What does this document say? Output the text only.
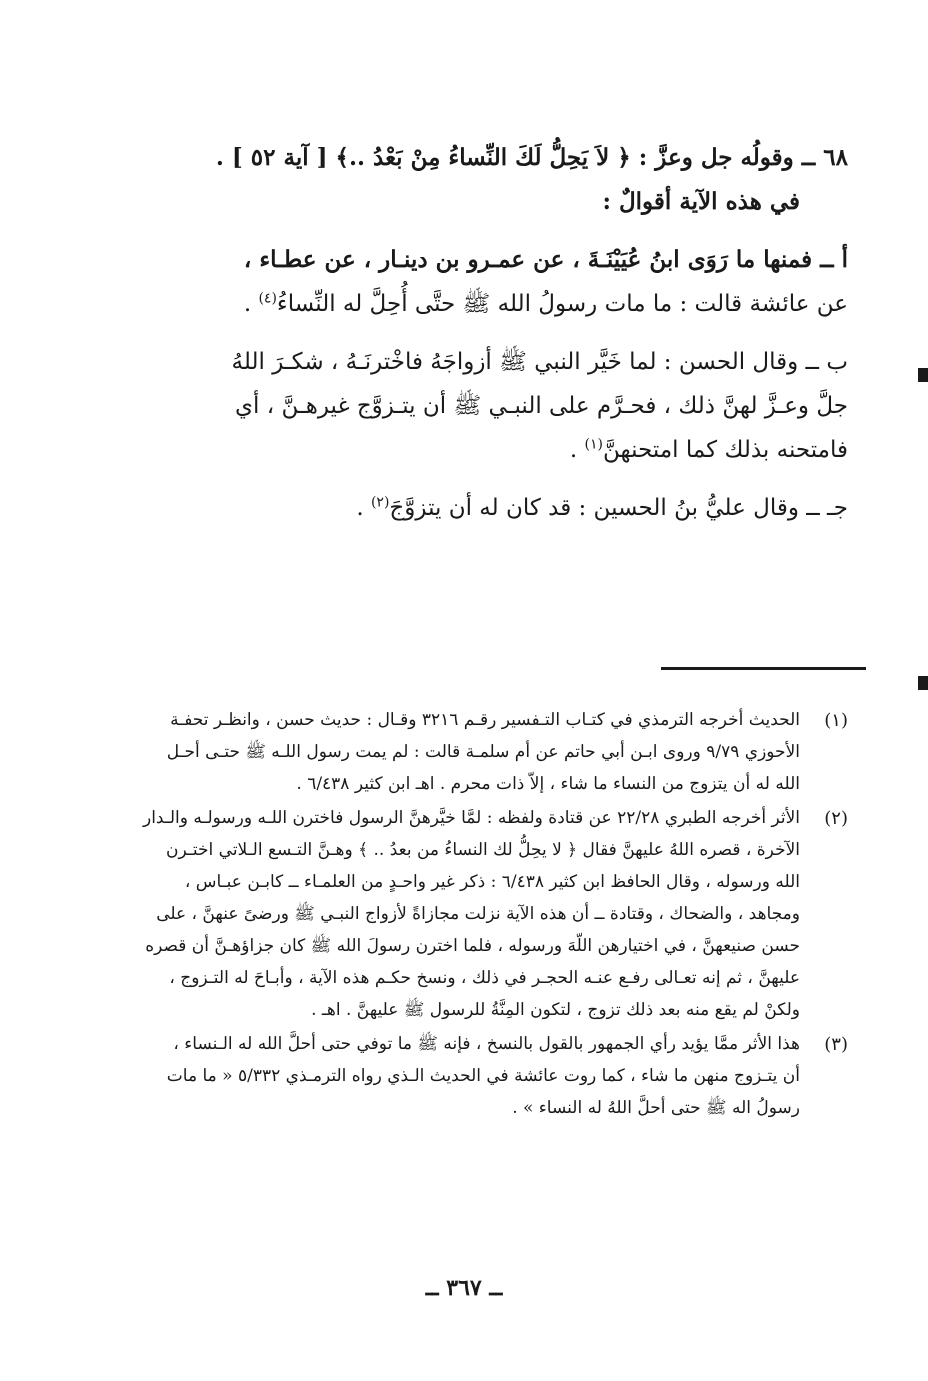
٦٨ ــ وقولُه جل وعزَّ : ﴿ لاَ يَحِلُّ لَكَ النِّساءُ مِنْ بَعْدُ ..﴾ [ آية ٥٢ ] .
في هذه الآية أقوالٌ :
أ ــ فمنها ما رَوَى ابنُ عُيَيْنَـةَ ، عن عمـرو بن دينـار ، عن عطـاء ،
عن عائشة قالت : ما مات رسولُ الله ﷺ حتَّى أُحِلَّ له النِّساءُ$^{(٤)}$ .
ب ــ وقال الحسن : لما خَيَّر النبي ﷺ أزواجَهُ فاخْترنَـهُ ، شكـرَ اللهُ
جلَّ وعـزَّ لهنَّ ذلك ، فحـرَّم على النبـي ﷺ أن يتـزوَّج غيرهـنَّ ، أي
فامتحنه بذلك كما امتحنهنَّ$^{(١)}$ .
جـ ــ وقال عليُّ بنُ الحسين : قد كان له أن يتزوَّجَ$^{(٢)}$ .
(١)
الحديث أخرجه الترمذي في كتـاب التـفسير رقـم ٣٢١٦ وقـال : حديث حسن ، وانظـر تحفـة
الأحوزي ٩/٧٩ وروى ابـن أبي حاتم عن أم سلمـة قالت : لم يمت رسول اللـه ﷺ حتـى أحـل
الله له أن يتزوج من النساء ما شاء ، إلاّ ذات محرم . اهـ ابن كثير ٦/٤٣٨ .
(٢)
الأثر أخرجه الطبري ٢٢/٢٨ عن قتادة ولفظه : لمَّا خيَّرهنَّ الرسول فاخترن اللـه ورسولـه والـدار
الآخرة ، قصره اللهُ عليهنَّ فقال ﴿ لا يحِلُّ لك النساءُ من بعدُ .. ﴾ وهـنَّ التـسع الـلاتي اختـرن
الله ورسوله ، وقال الحافظ ابن كثير ٦/٤٣٨ : ذكر غير واحـدٍ من العلمـاء ــ كابـن عبـاس ،
ومجاهد ، والضحاك ، وقتادة ــ أن هذه الآية نزلت مجازاةً لأزواج النبـي ﷺ ورضىً عنهنَّ ، على
حسن صنيعهنَّ ، في اختيارهن اللّهَ ورسوله ، فلما اخترن رسولَ الله ﷺ كان جزاؤهـنَّ أن قصره
عليهنَّ ، ثم إنه تعـالى رفـع عنـه الحجـر في ذلك ، ونسخ حكـم هذه الآية ، وأبـاحَ له التـزوج ،
ولكنْ لم يقع منه بعد ذلك تزوج ، لتكون المِنَّةُ للرسول ﷺ عليهنَّ . اهـ .
(٣)
هذا الأثر ممَّا يؤيد رأي الجمهور بالقول بالنسخ ، فإنه ﷺ ما توفي حتى أحلَّ الله له الـنساء ،
أن يتـزوج منهن ما شاء ، كما روت عائشة في الحديث الـذي رواه الترمـذي ٥/٣٣٢ « ما مات
رسولُ اله ﷺ حتى أحلَّ اللهُ له النساء » .
ــ ٣٦٧ ــ
